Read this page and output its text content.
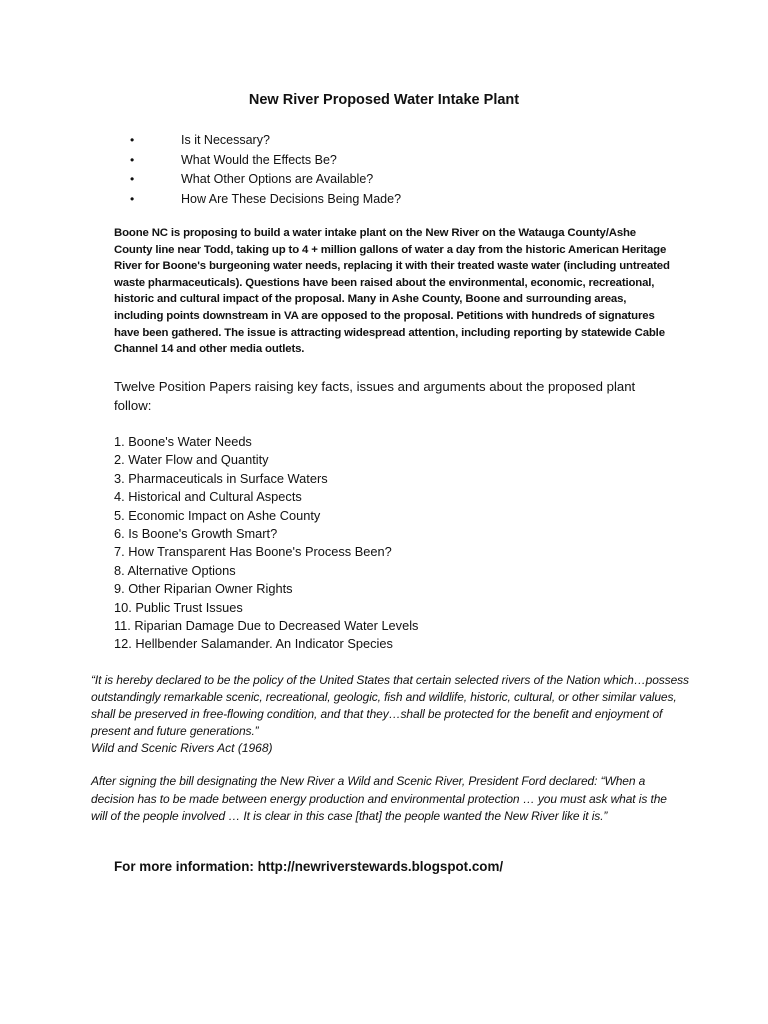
New River Proposed Water Intake Plant
•	Is it Necessary?
•	What Would the Effects Be?
•	What Other Options are Available?
•	How Are These Decisions Being Made?
Boone NC is proposing to build a water intake plant on the New River on the Watauga County/Ashe County line near Todd, taking up to 4 + million gallons of water a day from the historic American Heritage River for Boone's burgeoning water needs, replacing it with their treated waste water (including untreated waste pharmaceuticals). Questions have been raised about the environmental, economic, recreational, historic and cultural impact of the proposal. Many in Ashe County, Boone and surrounding areas, including points downstream in VA are opposed to the proposal. Petitions with hundreds of signatures have been gathered. The issue is attracting widespread attention, including reporting by statewide Cable Channel 14 and other media outlets.
Twelve Position Papers raising key facts, issues and arguments about the proposed plant follow:
1. Boone's Water Needs
2. Water Flow and Quantity
3. Pharmaceuticals in Surface Waters
4. Historical and Cultural Aspects
5. Economic Impact on Ashe County
6. Is Boone's Growth Smart?
7. How Transparent Has Boone's Process Been?
8. Alternative Options
9. Other Riparian Owner Rights
10. Public Trust Issues
11. Riparian Damage Due to Decreased Water Levels
12. Hellbender Salamander. An Indicator Species
“It is hereby declared to be the policy of the United States that certain selected rivers of the Nation which…possess outstandingly remarkable scenic, recreational, geologic, fish and wildlife, historic, cultural, or other similar values, shall be preserved in free-flowing condition, and that they…shall be protected for the benefit and enjoyment of present and future generations.”
Wild and Scenic Rivers Act (1968)
After signing the bill designating the New River a Wild and Scenic River, President Ford declared: “When a decision has to be made between energy production and environmental protection … you must ask what is the will of the people involved … It is clear in this case [that] the people wanted the New River like it is.”
For more information: http://newriverstewards.blogspot.com/
